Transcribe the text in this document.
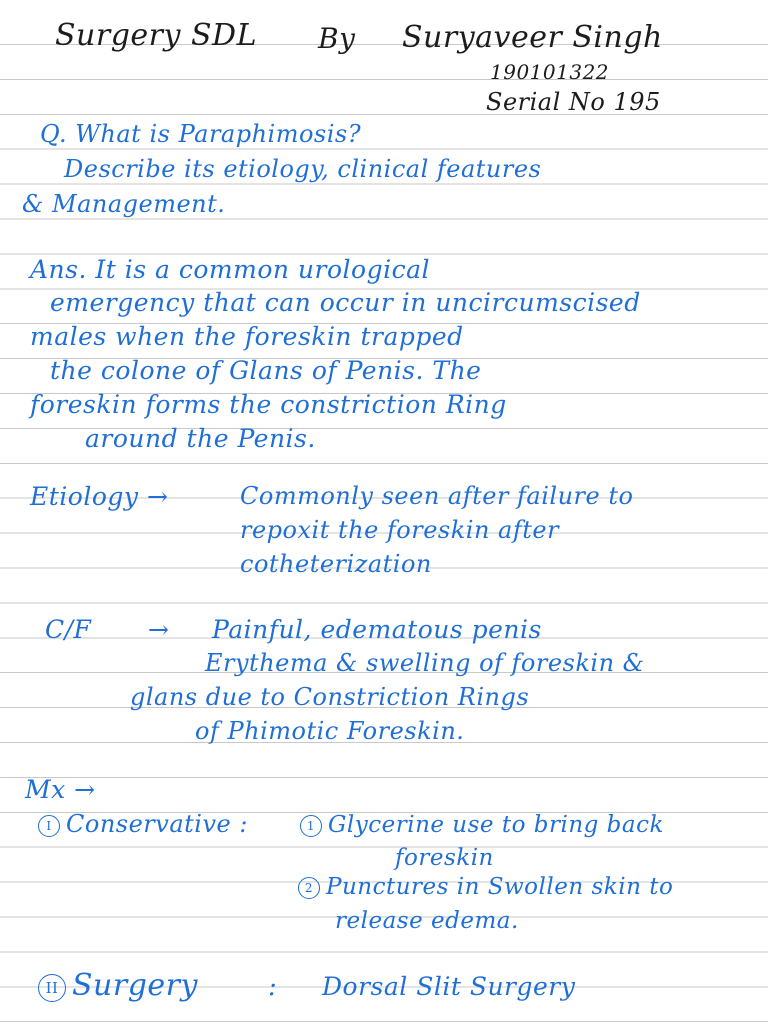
Surgery SDL By Suryaveer Singh

190101322

Serial No 195

Q. What is Paraphimosis?

Describe its etiology, clinical features

& Management.

Ans. It is a common urological

emergency that can occur in uncircumscised

males when the foreskin trapped

the colone of Glans of Penis. The

foreskin forms the constriction Ring

around the Penis.

Etiology →	Commonly seen after failure to

repoxit the foreskin after

cotheterization

C/F → Painful, edematous penis

Erythema & swelling of foreskin &

glans due to Constriction Rings

of Phimotic Foreskin.

Mx →

I Conservative :	1 Glycerine use to bring back

foreskin

2 Punctures in Swollen skin to

release edema.

II Surgery	: Dorsal Slit Surgery
